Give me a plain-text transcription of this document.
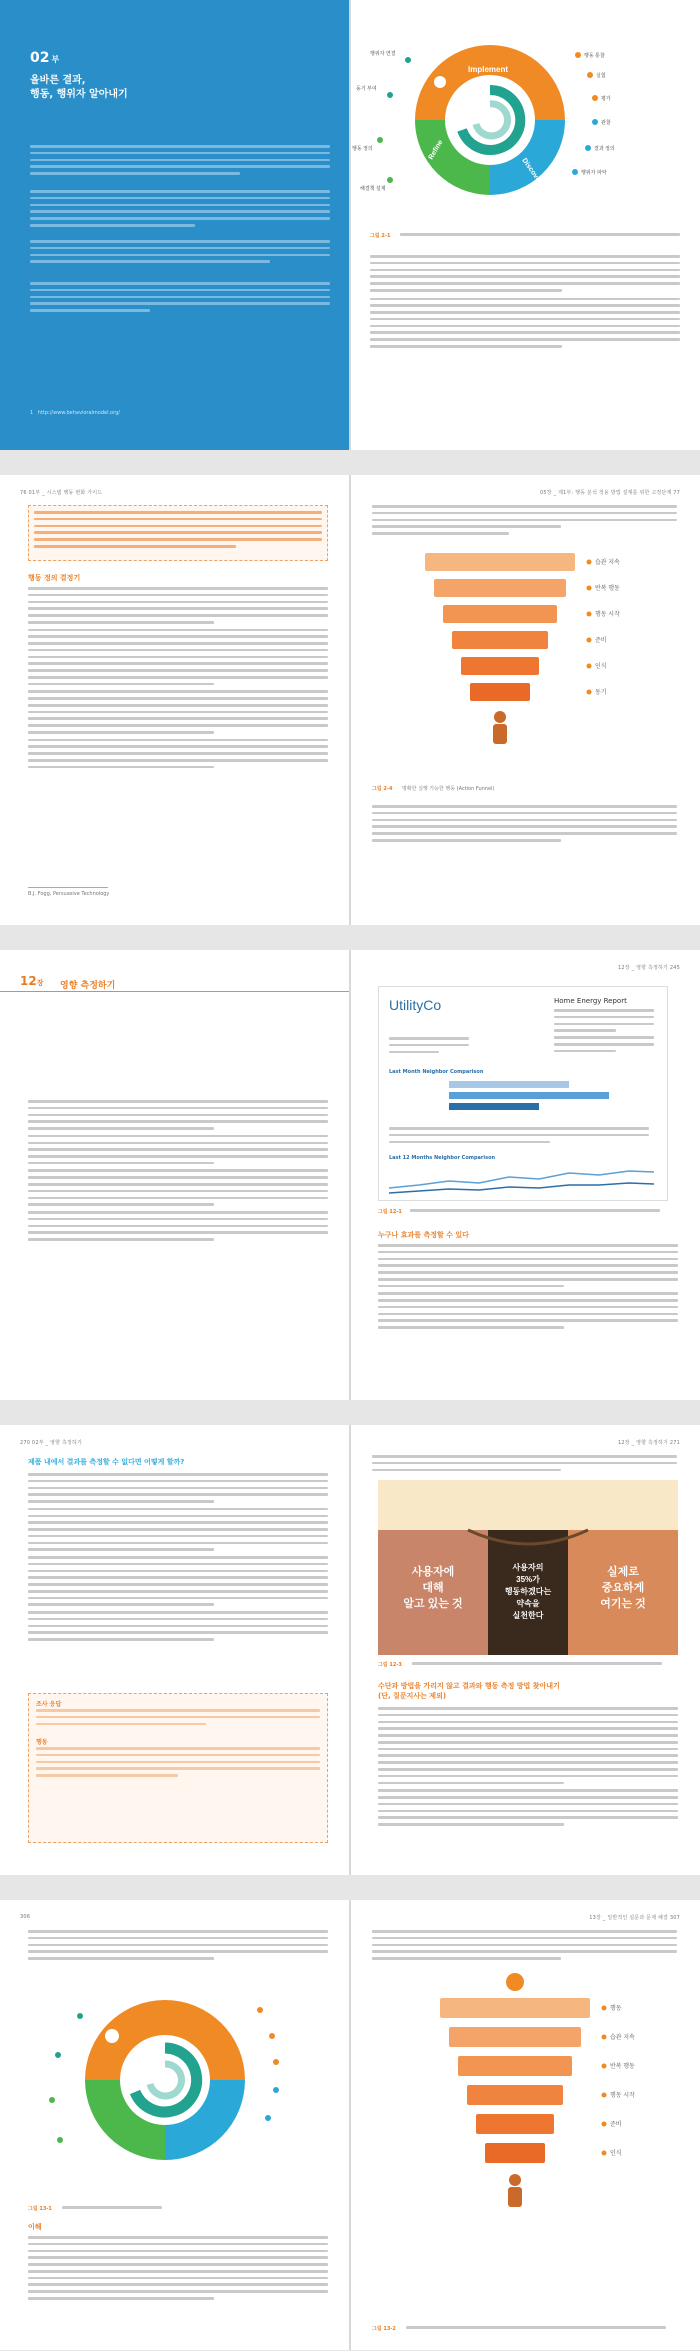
02 부
올바른 결과,
행동, 행위자 알아내기
1 http://www.behavioralmodel.org/
Implement
Refine
Discover
행동 통찰
실험
평가
관찰
결과 정의
행위자 파악
해결책 설계
행동 정의
동기 부여
행위자 연결
그림 2-1
76 01부 _ 시스템 행동 변화 가이드
행동 정의 결정기
B.J. Fogg, Persuasive Technology
05장 _ 제1부: 행동 분석 적용 방법 설계를 위한 고정단계 77
습관 지속
반복 행동
행동 시작
준비
인식
동기
그림 2-4 명확한 실행 가능한 행동 (Action Funnel)
12장 영향 측정하기
12장 _ 영향 측정하기 245
UtilityCo	Home Energy Report
Last Month Neighbor Comparison
Last 12 Months Neighbor Comparison
그림 12-1
누구나 효과를 측정할 수 있다
270 02부 _ 영향 측정하기
제품 내에서 결과를 측정할 수 없다면 어떻게 할까?
조사 응답
행동
12장 _ 영향 측정하기 271
사용자에
대해
알고 있는 것
사용자의
35%가
행동하겠다는
약속을
실천한다
실제로
중요하게
여기는 것
그림 12-3
수단과 방법을 가리지 않고 결과와 행동 측정 방법 찾아내기
(단, 질문지사는 제외)
306
그림 13-1
이해
13장 _ 일반적인 설문과 문제 해결 307
행동
습관 지속
반복 행동
행동 시작
준비
인식
그림 13-2
